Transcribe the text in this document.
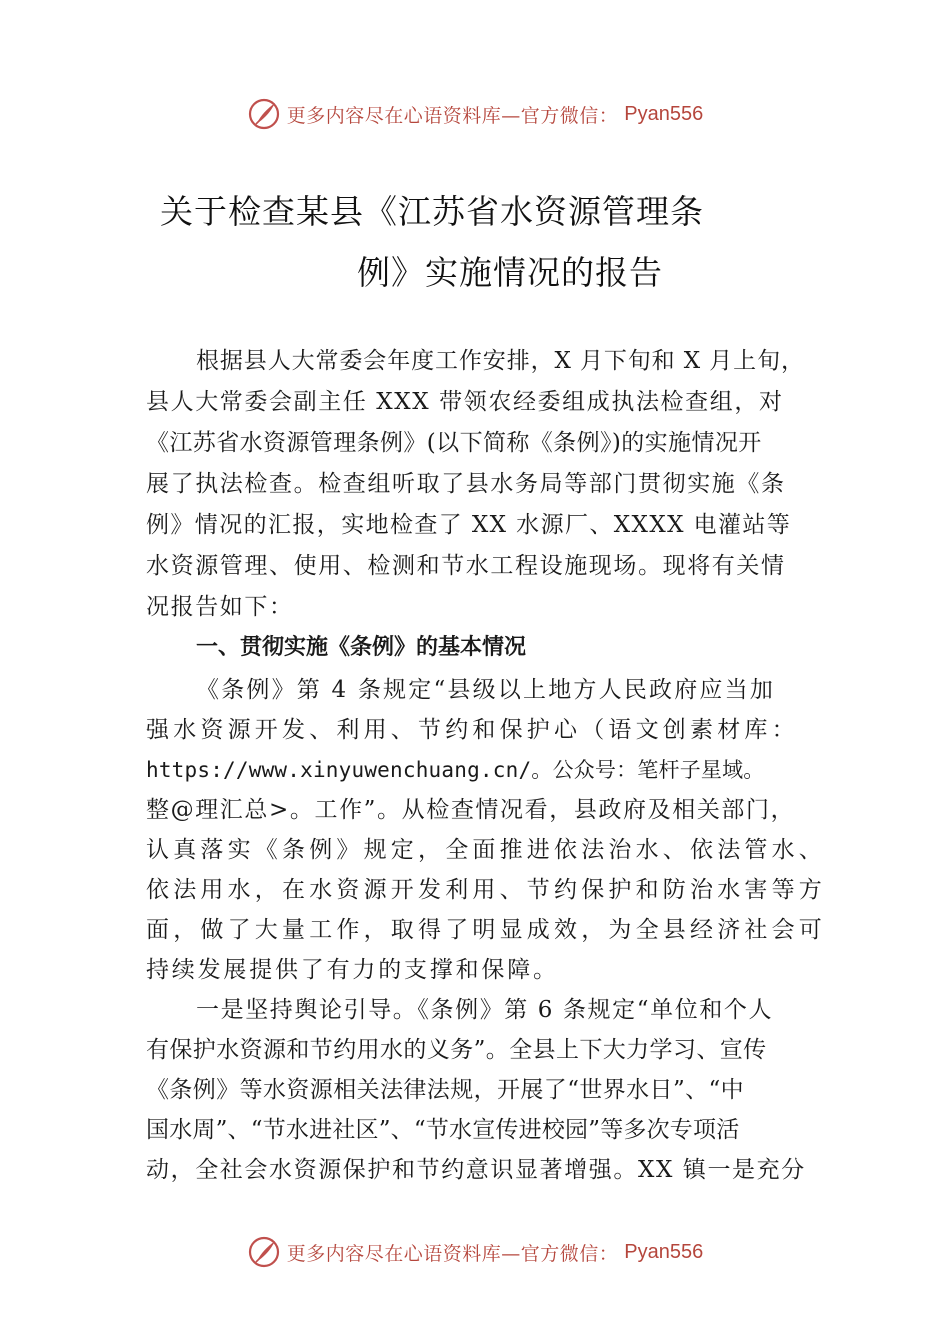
更多内容尽在心语资料库—官方微信： Pyan556
关于检查某县《江苏省水资源管理条
例》实施情况的报告
根据县人大常委会年度工作安排，X 月下旬和 X 月上旬，
县人大常委会副主任 XXX 带领农经委组成执法检查组，对
《江苏省水资源管理条例》(以下简称《条例》)的实施情况开
展了执法检查。检查组听取了县水务局等部门贯彻实施《条
例》情况的汇报，实地检查了 XX 水源厂、XXXX 电灌站等
水资源管理、使用、检测和节水工程设施现场。现将有关情
况报告如下：
一、贯彻实施《条例》的基本情况
《条例》第 4 条规定“县级以上地方人民政府应当加
强水资源开发、利用、节约和保护心（语文创素材库：
https://www.xinyuwenchuang.cn/。公众号：笔杆子星域。
整@理汇总>。工作”。从检查情况看，县政府及相关部门，
认真落实《条例》规定，全面推进依法治水、依法管水、
依法用水，在水资源开发利用、节约保护和防治水害等方
面，做了大量工作，取得了明显成效，为全县经济社会可
持续发展提供了有力的支撑和保障。
一是坚持舆论引导。《条例》第 6 条规定“单位和个人
有保护水资源和节约用水的义务”。全县上下大力学习、宣传
《条例》等水资源相关法律法规，开展了“世界水日”、“中
国水周”、“节水进社区”、“节水宣传进校园”等多次专项活
动，全社会水资源保护和节约意识显著增强。XX 镇一是充分
更多内容尽在心语资料库—官方微信： Pyan556
